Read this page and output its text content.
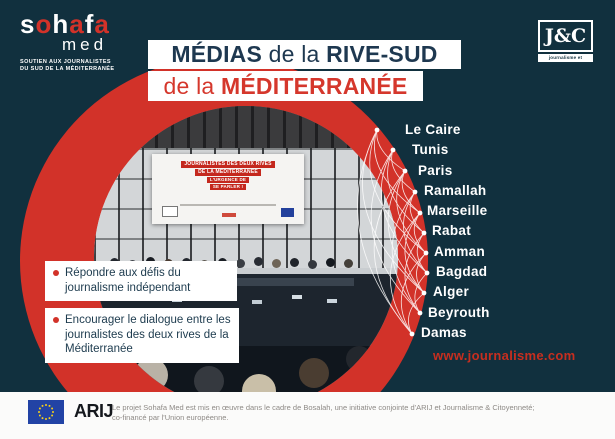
JOURNALISTES DES DEUX RIVES
DE LA MÉDITERRANÉE
L'URGENCE DE
SE PARLER !
MÉDIAS de la RIVE-SUD
de la MÉDITERRANÉE
Répondre aux défis du journalisme indépendant
Encourager le dialogue entre les journalistes des deux rives de la Méditerranée
Le Caire
Tunis
Paris
Ramallah
Marseille
Rabat
Amman
Bagdad
Alger
Beyrouth
Damas
www.journalisme.com
sohafa
med
SOUTIEN AUX JOURNALISTES
DU SUD DE LA MÉDITERRANÉE
J&C
journalisme et citoyenneté
ARIJ
Le projet Sohafa Med est mis en œuvre dans le cadre de Bosalah, une initiative conjointe d'ARIJ et Journalisme & Citoyenneté;
co-financé par l'Union européenne.
